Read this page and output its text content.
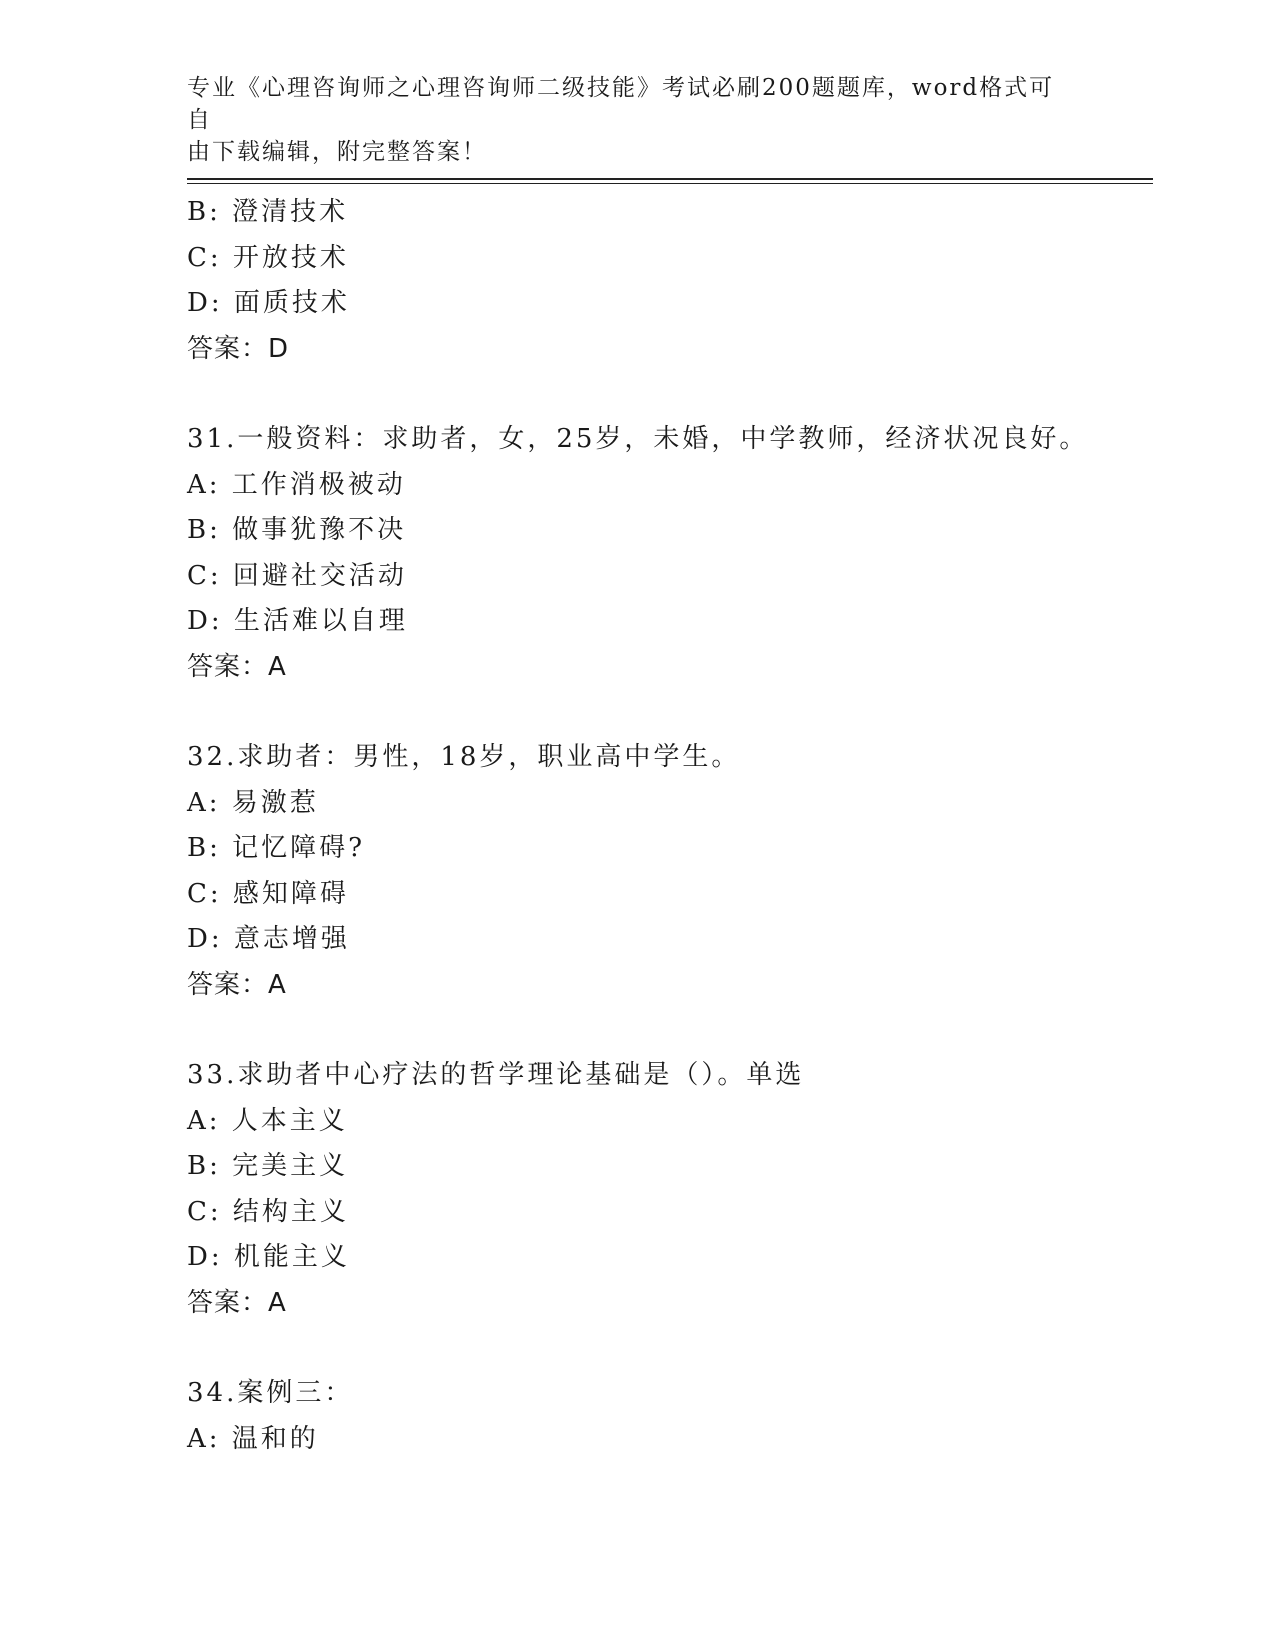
专业《心理咨询师之心理咨询师二级技能》考试必刷200题题库，word格式可自
由下载编辑，附完整答案！
B: 澄清技术
C: 开放技术
D: 面质技术
答案：D
31.一般资料：求助者，女，25岁，未婚，中学教师，经济状况良好。
A: 工作消极被动
B: 做事犹豫不决
C: 回避社交活动
D: 生活难以自理
答案：A
32.求助者：男性，18岁，职业高中学生。
A: 易激惹
B: 记忆障碍?
C: 感知障碍
D: 意志增强
答案：A
33.求助者中心疗法的哲学理论基础是（）。单选
A: 人本主义
B: 完美主义
C: 结构主义
D: 机能主义
答案：A
34.案例三：
A: 温和的
